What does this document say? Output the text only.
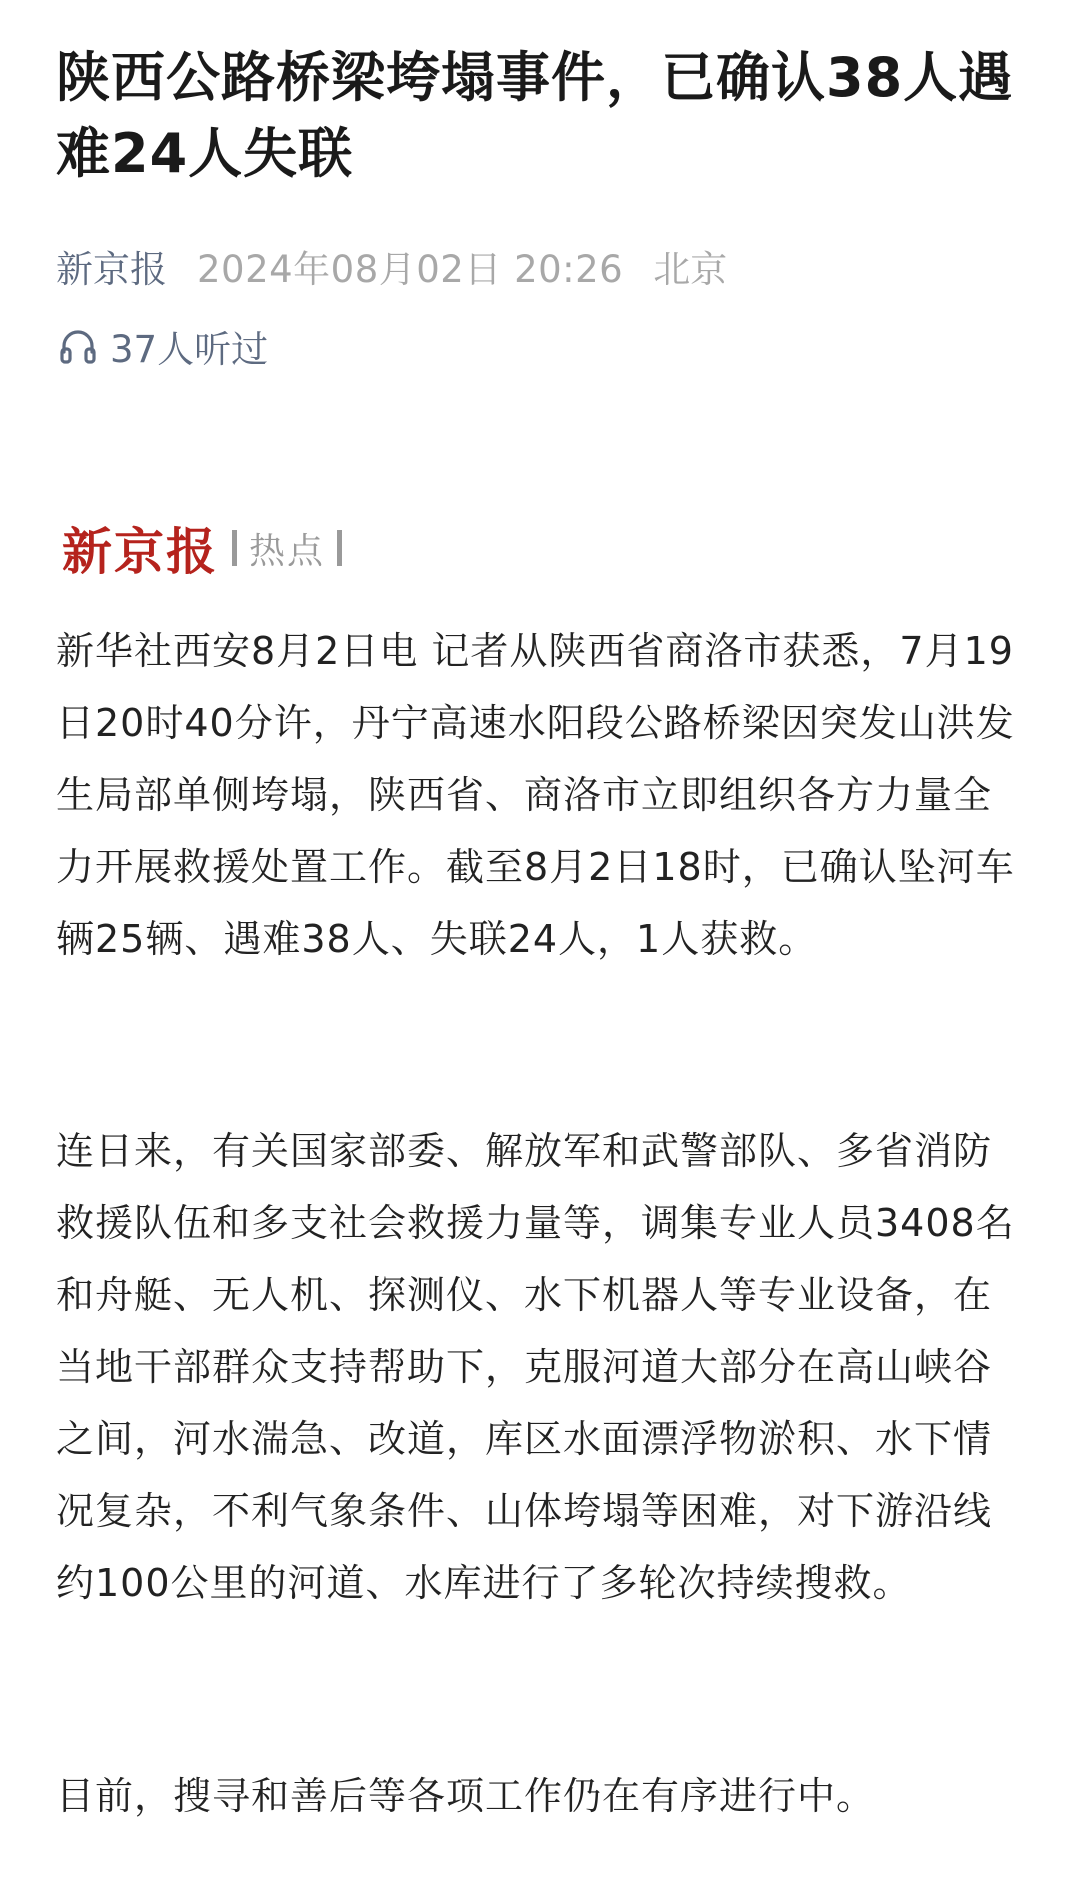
陕西公路桥梁垮塌事件，已确认38人遇难24人失联
新京报 2024年08月02日 20:26 北京
37人听过
新京报 热点

新华社西安8月2日电 记者从陕西省商洛市获悉，7月19日20时40分许，丹宁高速水阳段公路桥梁因突发山洪发生局部单侧垮塌，陕西省、商洛市立即组织各方力量全力开展救援处置工作。截至8月2日18时，已确认坠河车辆25辆、遇难38人、失联24人，1人获救。

连日来，有关国家部委、解放军和武警部队、多省消防救援队伍和多支社会救援力量等，调集专业人员3408名和舟艇、无人机、探测仪、水下机器人等专业设备，在当地干部群众支持帮助下，克服河道大部分在高山峡谷之间，河水湍急、改道，库区水面漂浮物淤积、水下情况复杂，不利气象条件、山体垮塌等困难，对下游沿线约100公里的河道、水库进行了多轮次持续搜救。

目前，搜寻和善后等各项工作仍在有序进行中。
